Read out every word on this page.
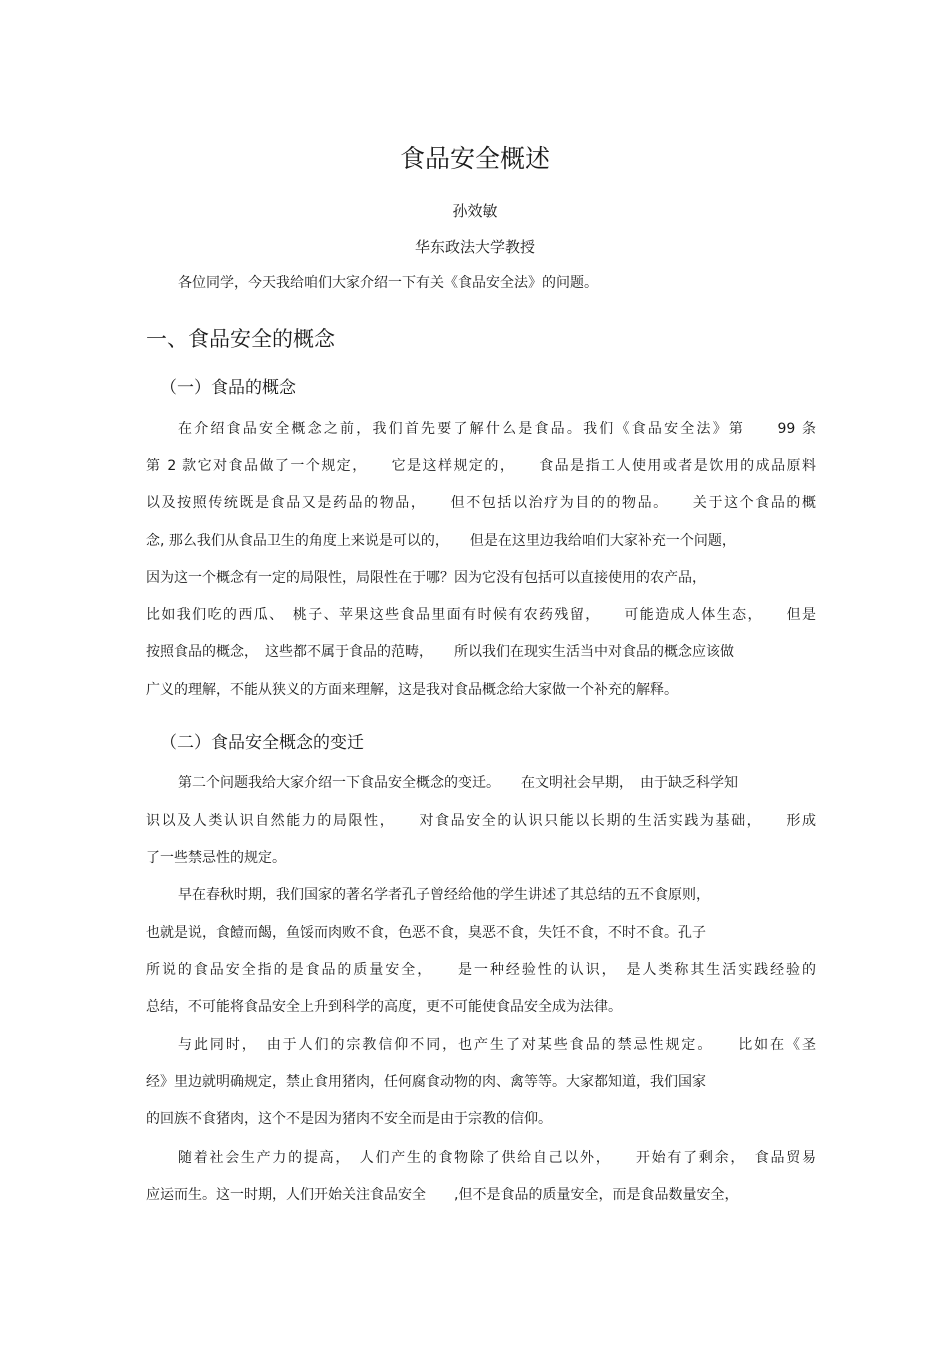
食品安全概述
孙效敏
华东政法大学教授
各位同学，今天我给咱们大家介绍一下有关《食品安全法》的问题。
一、食品安全的概念
（一）食品的概念
在介绍食品安全概念之前，我们首先要了解什么是食品。我们《食品安全法》第　　99 条
第 2 款它对食品做了一个规定，　　它是这样规定的，　　食品是指工人使用或者是饮用的成品原料
以及按照传统既是食品又是药品的物品，　　但不包括以治疗为目的的物品。　　关于这个食品的概
念, 那么我们从食品卫生的角度上来说是可以的，　　但是在这里边我给咱们大家补充一个问题，
因为这一个概念有一定的局限性，局限性在于哪？因为它没有包括可以直接使用的农产品，
比如我们吃的西瓜、　桃子、苹果这些食品里面有时候有农药残留，　　可能造成人体生态，　　但是
按照食品的概念，　这些都不属于食品的范畴，　　所以我们在现实生活当中对食品的概念应该做
广义的理解，不能从狭义的方面来理解，这是我对食品概念给大家做一个补充的解释。
（二）食品安全概念的变迁
第二个问题我给大家介绍一下食品安全概念的变迁。　　在文明社会早期，　由于缺乏科学知
识以及人类认识自然能力的局限性，　　对食品安全的认识只能以长期的生活实践为基础，　　形成
了一些禁忌性的规定。
早在春秋时期，我们国家的著名学者孔子曾经给他的学生讲述了其总结的五不食原则，
也就是说，食饐而餲，鱼馁而肉败不食，色恶不食，臭恶不食，失饪不食，不时不食。孔子
所说的食品安全指的是食品的质量安全，　　是一种经验性的认识，　是人类称其生活实践经验的
总结，不可能将食品安全上升到科学的高度，更不可能使食品安全成为法律。
与此同时，　由于人们的宗教信仰不同，也产生了对某些食品的禁忌性规定。　　比如在《圣
经》里边就明确规定，禁止食用猪肉，任何腐食动物的肉、禽等等。大家都知道，我们国家
的回族不食猪肉，这个不是因为猪肉不安全而是由于宗教的信仰。
随着社会生产力的提高，　人们产生的食物除了供给自己以外，　　开始有了剩余，　食品贸易
应运而生。这一时期，人们开始关注食品安全　　,但不是食品的质量安全，而是食品数量安全，
